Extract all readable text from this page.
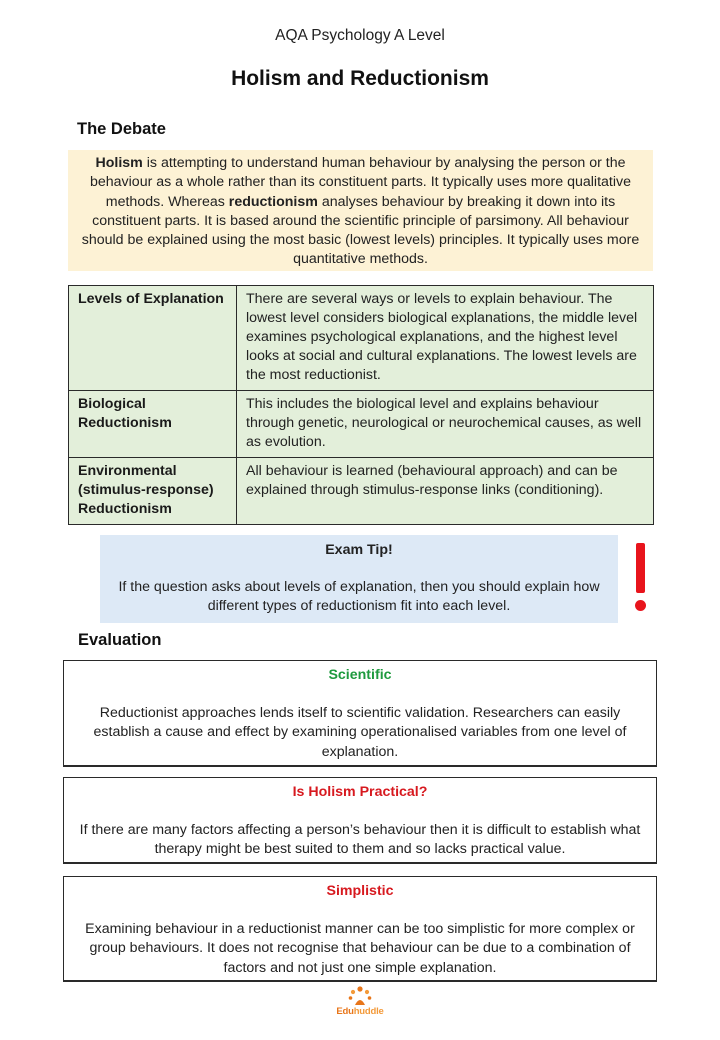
AQA Psychology A Level
Holism and Reductionism
The Debate
Holism is attempting to understand human behaviour by analysing the person or the behaviour as a whole rather than its constituent parts. It typically uses more qualitative methods. Whereas reductionism analyses behaviour by breaking it down into its constituent parts. It is based around the scientific principle of parsimony. All behaviour should be explained using the most basic (lowest levels) principles. It typically uses more quantitative methods.
Levels of Explanation	There are several ways or levels to explain behaviour. The lowest level considers biological explanations, the middle level examines psychological explanations, and the highest level looks at social and cultural explanations. The lowest levels are the most reductionist.
Biological Reductionism	This includes the biological level and explains behaviour through genetic, neurological or neurochemical causes, as well as evolution.
Environmental (stimulus-response) Reductionism	All behaviour is learned (behavioural approach) and can be explained through stimulus-response links (conditioning).
Exam Tip!
If the question asks about levels of explanation, then you should explain how different types of reductionism fit into each level.
Evaluation
Scientific
Reductionist approaches lends itself to scientific validation. Researchers can easily establish a cause and effect by examining operationalised variables from one level of explanation.
Is Holism Practical?
If there are many factors affecting a person’s behaviour then it is difficult to establish what therapy might be best suited to them and so lacks practical value.
Simplistic
Examining behaviour in a reductionist manner can be too simplistic for more complex or group behaviours. It does not recognise that behaviour can be due to a combination of factors and not just one simple explanation.
Eduhuddle
